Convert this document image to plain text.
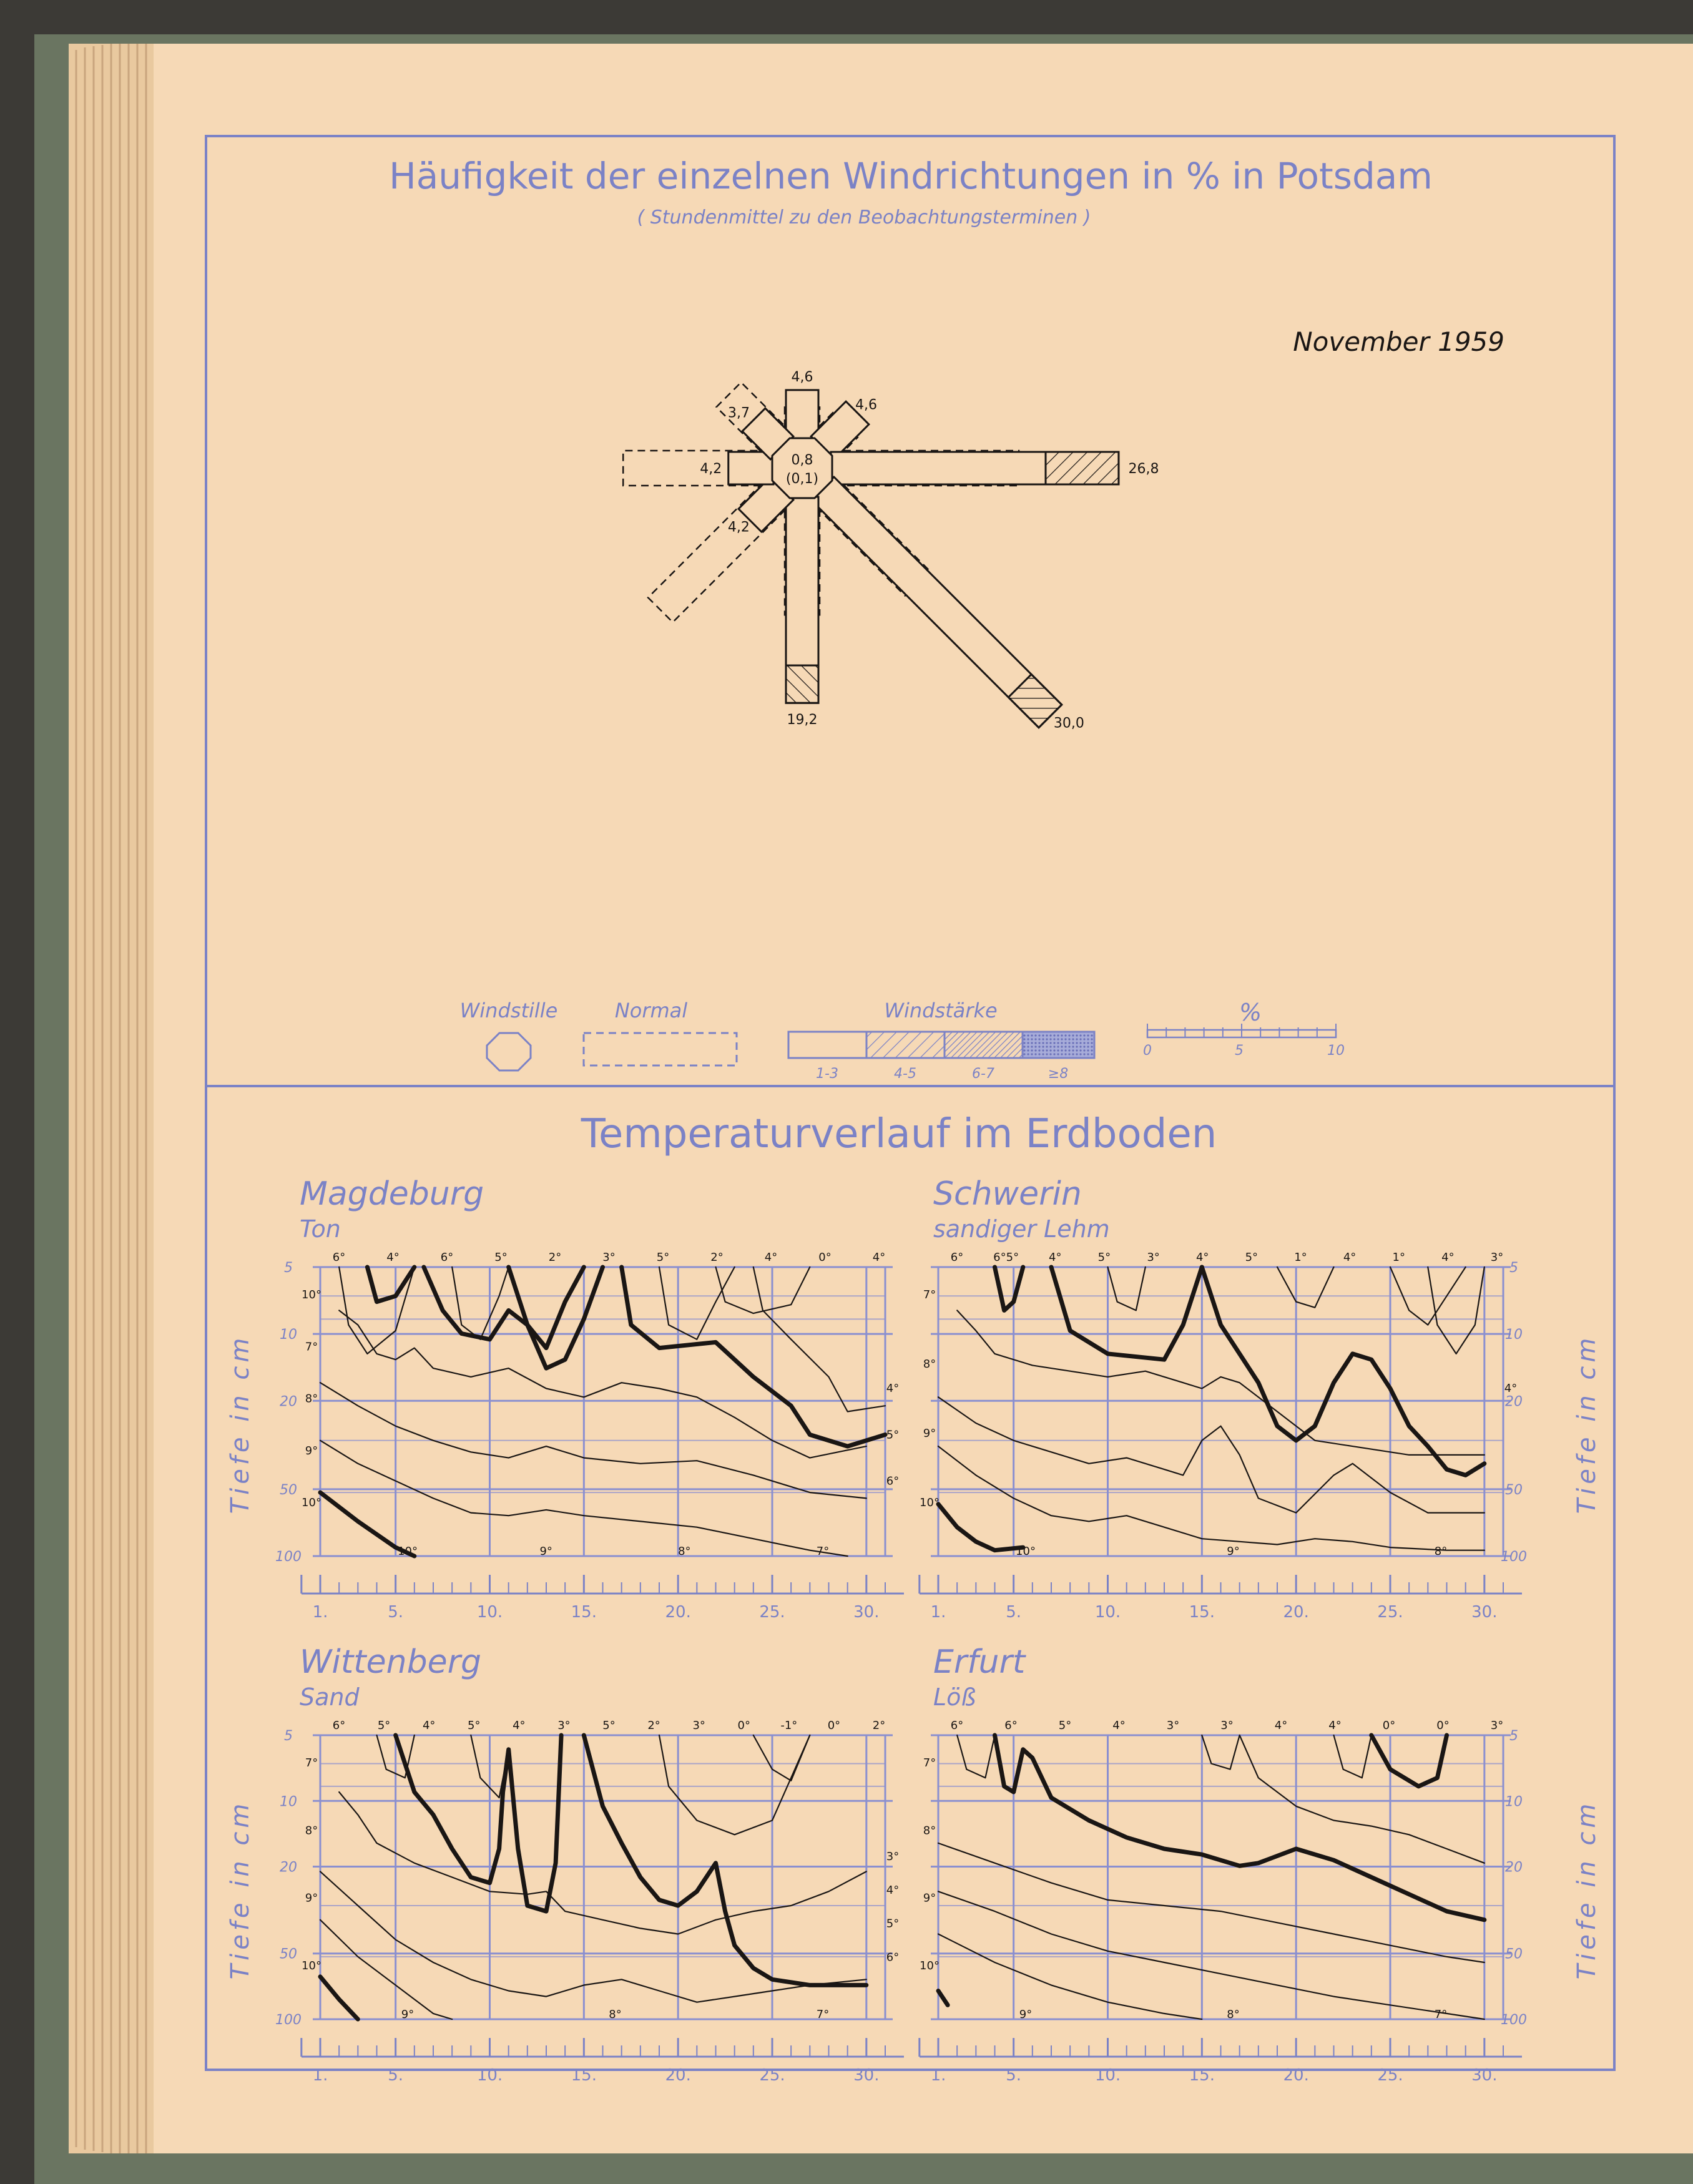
Häufigkeit der einzelnen Windrichtungen in % in Potsdam
( Stundenmittel zu den Beobachtungsterminen )
November 1959
4,6
4,6
26,8
30,0
19,2
4,2
4,2
3,7
0,8
(0,1)
Windstille	Normal	Windstärke
1-3	4-5	6-7	≥8
%
0	5	10
Temperaturverlauf im Erdboden
Magdeburg
Ton
5
10
20
50
100
Tiefe in cm
6°	4°	6°	5°	2°	3°	5°	2°	4°	0°	4°
10°
7°
8°
9°
10°
10°	9°	8°	7°
4°
5°
6°
1.	5.	10.	15.	20.	25.	30.
Schwerin
sandiger Lehm
5
10
20
50
100
Tiefe in cm
6°	6°5°	4°	5°	3°	4°	5°	1°	4°	1°	4°	3°
7°
8°
9°
10°
10°	9°	8°
4°
1.	5.	10.	15.	20.	25.	30.
Wittenberg
Sand
5
10
20
50
100
Tiefe in cm
6°	5°	4°	5°	4°	3°	5°	2°	3°	0°	-1°	0°	2°
7°
8°
9°
10°
9°	8°	7°
3°
4°
5°
6°
1.	5.	10.	15.	20.	25.	30.
Erfurt
Löß
5
10
20
50
100
Tiefe in cm
6°	6°	5°	4°	3°	3°	4°	4°	0°	0°	3°
7°
8°
9°
10°
9°	8°	7°
1.	5.	10.	15.	20.	25.	30.
